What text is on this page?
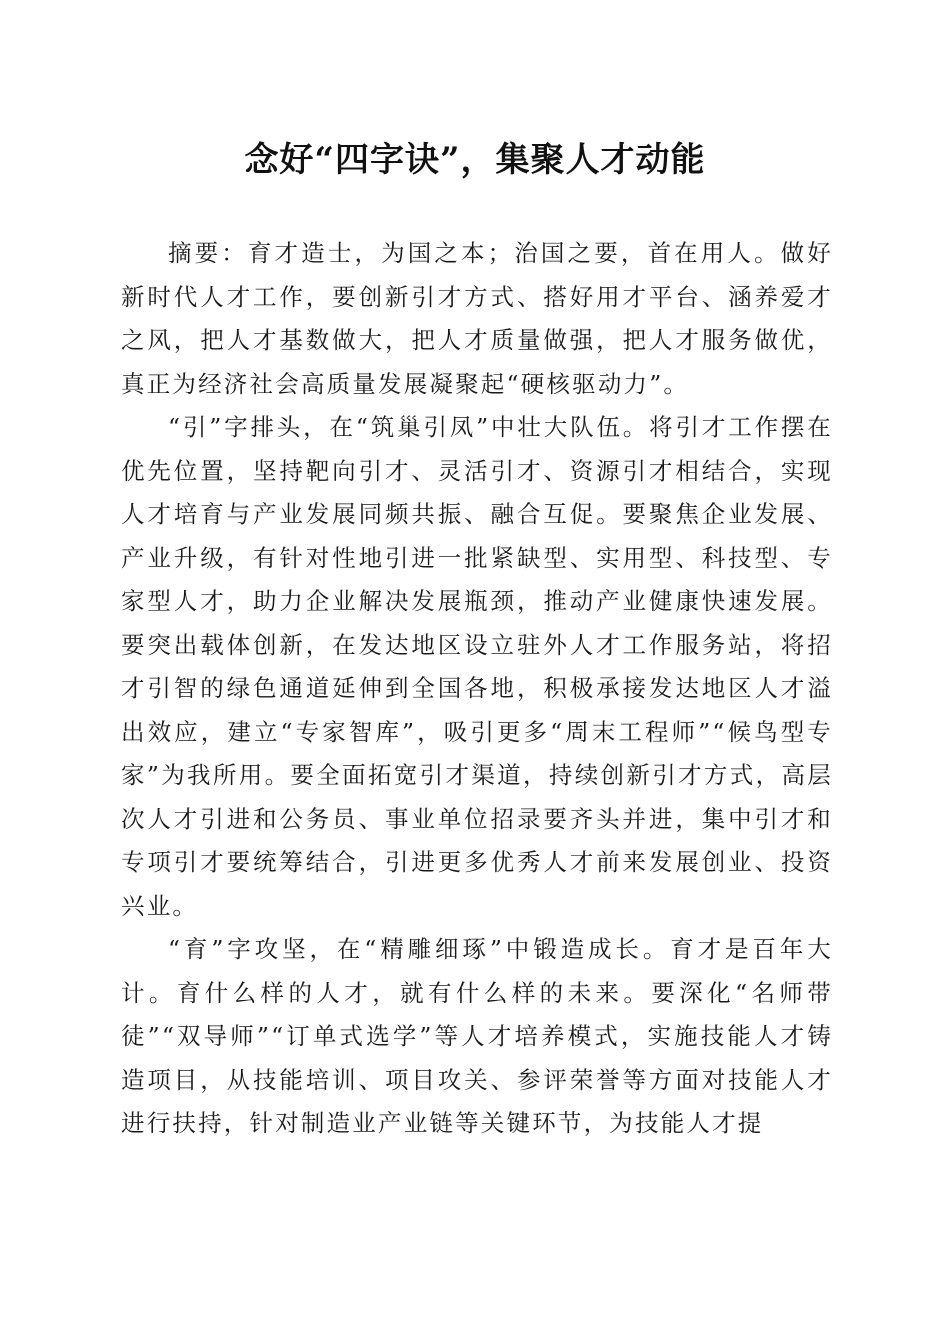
念好“四字诀”，集聚人才动能

摘要：育才造士，为国之本；治国之要，首在用人。做好新时代人才工作，要创新引才方式、搭好用才平台、涵养爱才之风，把人才基数做大，把人才质量做强，把人才服务做优，真正为经济社会高质量发展凝聚起“硬核驱动力”。

“引”字排头，在“筑巢引凤”中壮大队伍。将引才工作摆在优先位置，坚持靶向引才、灵活引才、资源引才相结合，实现人才培育与产业发展同频共振、融合互促。要聚焦企业发展、产业升级，有针对性地引进一批紧缺型、实用型、科技型、专家型人才，助力企业解决发展瓶颈，推动产业健康快速发展。要突出载体创新，在发达地区设立驻外人才工作服务站，将招才引智的绿色通道延伸到全国各地，积极承接发达地区人才溢出效应，建立“专家智库”，吸引更多“周末工程师”“候鸟型专家”为我所用。要全面拓宽引才渠道，持续创新引才方式，高层次人才引进和公务员、事业单位招录要齐头并进，集中引才和专项引才要统筹结合，引进更多优秀人才前来发展创业、投资兴业。

“育”字攻坚，在“精雕细琢”中锻造成长。育才是百年大计。育什么样的人才，就有什么样的未来。要深化“名师带徒”“双导师”“订单式选学”等人才培养模式，实施技能人才铸造项目，从技能培训、项目攻关、参评荣誉等方面对技能人才进行扶持，针对制造业产业链等关键环节，为技能人才提
